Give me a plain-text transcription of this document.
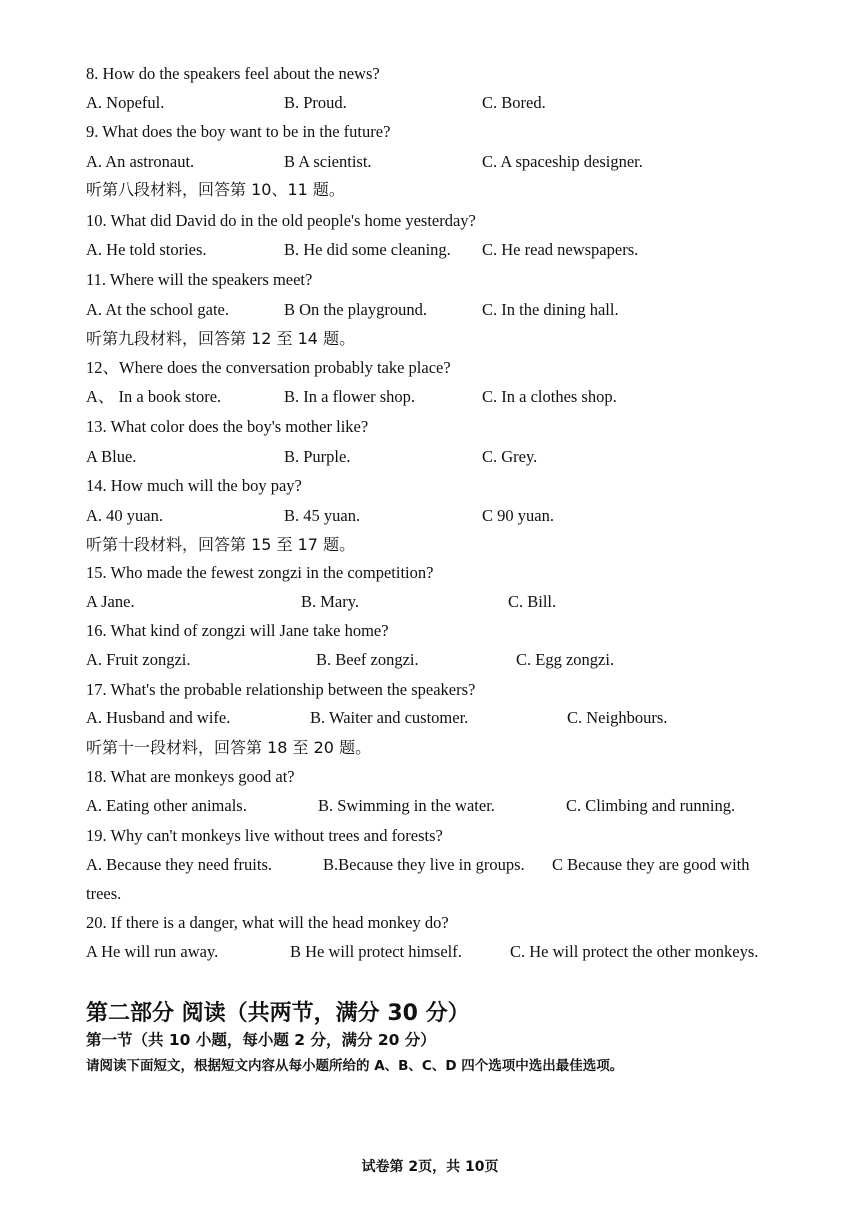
8. How do the speakers feel about the news?
A. Nopeful.	B. Proud.	C. Bored.
9. What does the boy want to be in the future?
A. An astronaut.	B A scientist.	C. A spaceship designer.
听第八段材料，回答第 10、11 题。
10. What did David do in the old people's home yesterday?
A. He told stories.	B. He did some cleaning. C. He read newspapers.
11. Where will the speakers meet?
A. At the school gate.	B On the playground.	C. In the dining hall.
听第九段材料，回答第 12 至 14 题。
12、Where does the conversation probably take place?
A、 In a book store.	B. In a flower shop.	C. In a clothes shop.
13. What color does the boy's mother like?
A Blue.	B. Purple.	C. Grey.
14. How much will the boy pay?
A. 40 yuan.	B. 45 yuan.	C 90 yuan.
听第十段材料，回答第 15 至 17 题。
15. Who made the fewest zongzi in the competition?
A Jane.	B. Mary.	C. Bill.
16. What kind of zongzi will Jane take home?
A. Fruit zongzi.	B. Beef zongzi.	C. Egg zongzi.
17. What's the probable relationship between the speakers?
A. Husband and wife.	B. Waiter and customer.	C. Neighbours.
听第十一段材料，回答第 18 至 20 题。
18. What are monkeys good at?
A. Eating other animals.	B. Swimming in the water.	C. Climbing and running.
19. Why can't monkeys live without trees and forests?
A. Because they need fruits.	B.Because they live in groups. C Because they are good with
trees.
20. If there is a danger, what will the head monkey do?
A He will run away.	B He will protect himself.	C. He will protect the other monkeys.
第二部分 阅读（共两节，满分 30 分）
第一节（共 10 小题，每小题 2 分，满分 20 分）
请阅读下面短文，根据短文内容从每小题所给的 A、B、C、D 四个选项中选出最佳选项。
试卷第 2页，共 10页
